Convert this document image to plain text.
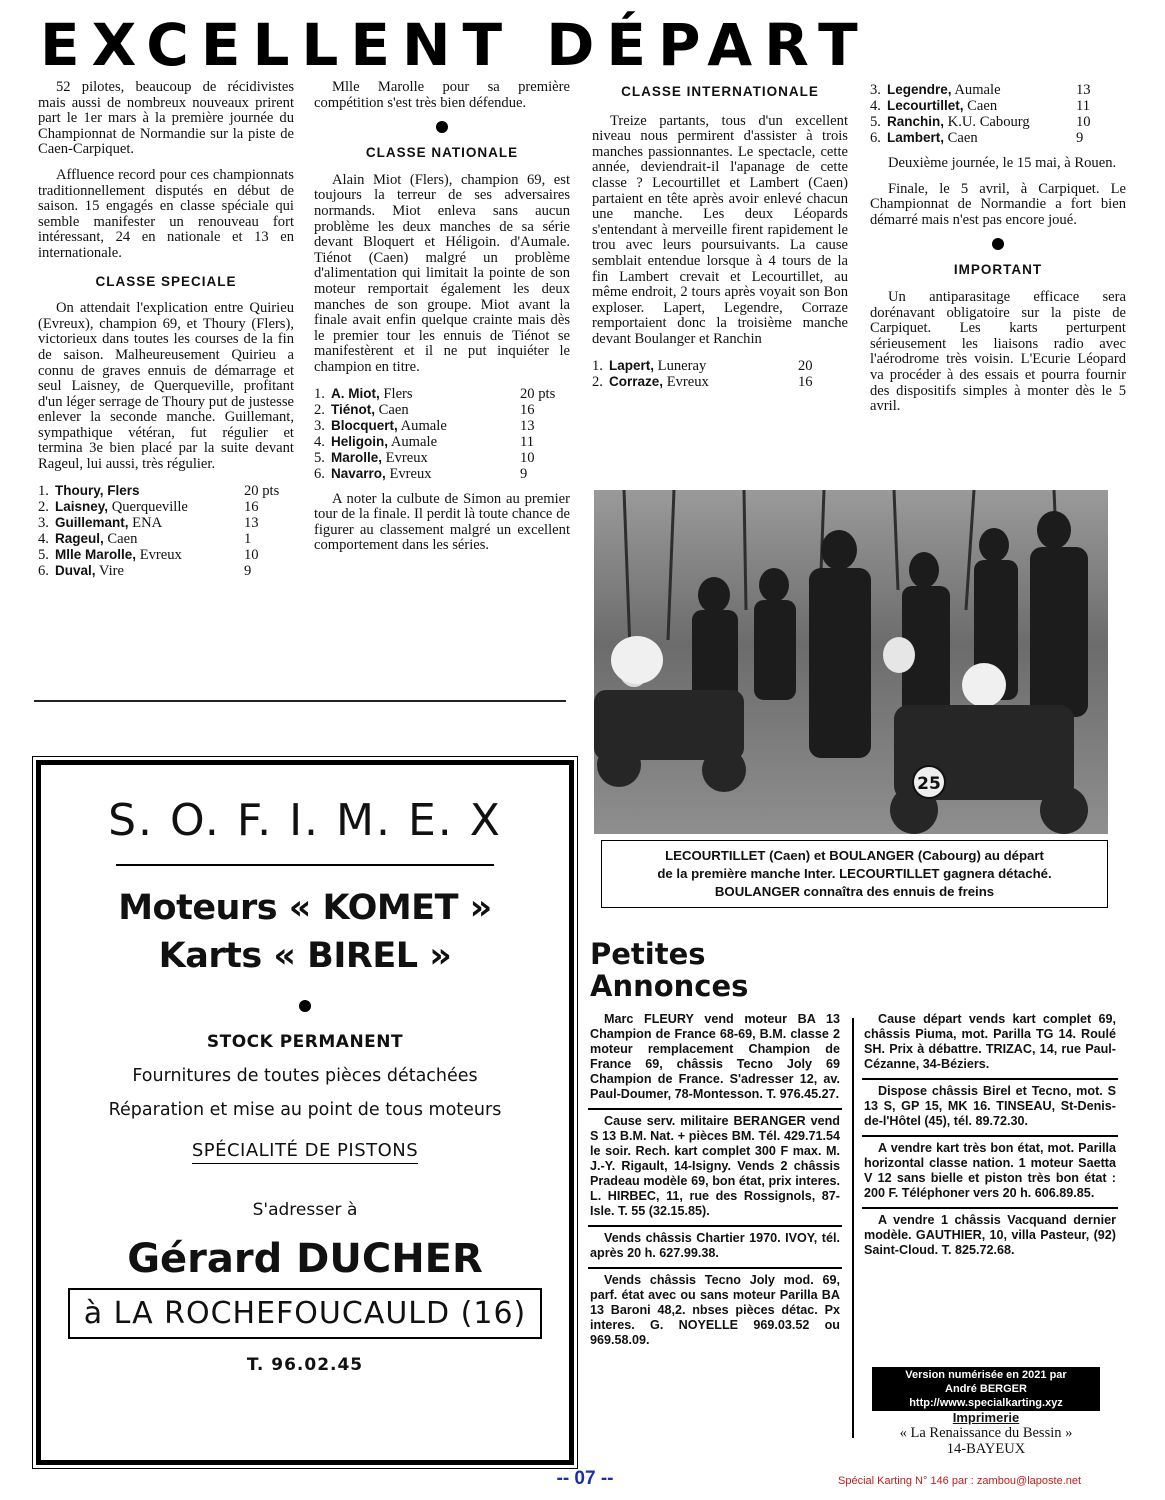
EXCELLENT DÉPART

52 pilotes, beaucoup de récidivistes mais aussi de nombreux nouveaux prirent part le 1er mars à la première journée du Championnat de Normandie sur la piste de Caen-Carpiquet.

Affluence record pour ces championnats traditionnellement disputés en début de saison. 15 engagés en classe spéciale qui semble manifester un renouveau fort intéressant, 24 en nationale et 13 en internationale.

CLASSE SPECIALE

On attendait l'explication entre Quirieu (Evreux), champion 69, et Thoury (Flers), victorieux dans toutes les courses de la fin de saison. Malheureusement Quirieu a connu de graves ennuis de démarrage et seul Laisney, de Querqueville, profitant d'un léger serrage de Thoury put de justesse enlever la seconde manche. Guillemant, sympathique vétéran, fut régulier et termina 3e bien placé par la suite devant Rageul, lui aussi, très régulier.

1. Thoury, Flers	20 pts
2. Laisney, Querqueville	16
3. Guillemant, ENA	13
4. Rageul, Caen	1
5. Mlle Marolle, Evreux	10
6. Duval, Vire	9

Mlle Marolle pour sa première compétition s'est très bien défendue.

CLASSE NATIONALE

Alain Miot (Flers), champion 69, est toujours la terreur de ses adversaires normands. Miot enleva sans aucun problème les deux manches de sa série devant Bloquert et Héligoin. d'Aumale. Tiénot (Caen) malgré un problème d'alimentation qui limitait la pointe de son moteur remportait également les deux manches de son groupe. Miot avant la finale avait enfin quelque crainte mais dès le premier tour les ennuis de Tiénot se manifestèrent et il ne put inquiéter le champion en titre.

1. A. Miot, Flers	20 pts
2. Tiénot, Caen	16
3. Blocquert, Aumale	13
4. Heligoin, Aumale	11
5. Marolle, Evreux	10
6. Navarro, Evreux	9

A noter la culbute de Simon au premier tour de la finale. Il perdit là toute chance de figurer au classement malgré un excellent comportement dans les séries.

CLASSE INTERNATIONALE

Treize partants, tous d'un excellent niveau nous permirent d'assister à trois manches passionnantes. Le spectacle, cette année, deviendrait-il l'apanage de cette classe ? Lecourtillet et Lambert (Caen) partaient en tête après avoir enlevé chacun une manche. Les deux Léopards s'entendant à merveille firent rapidement le trou avec leurs poursuivants. La cause semblait entendue lorsque à 4 tours de la fin Lambert crevait et Lecourtillet, au même endroit, 2 tours après voyait son Bon exploser. Lapert, Legendre, Corraze remportaient donc la troisième manche devant Boulanger et Ranchin

1. Lapert, Luneray	20
2. Corraze, Evreux	16
3. Legendre, Aumale	13
4. Lecourtillet, Caen	11
5. Ranchin, K.U. Cabourg	10
6. Lambert, Caen	9

Deuxième journée, le 15 mai, à Rouen.

Finale, le 5 avril, à Carpiquet. Le Championnat de Normandie a fort bien démarré mais n'est pas encore joué.

IMPORTANT

Un antiparasitage efficace sera dorénavant obligatoire sur la piste de Carpiquet. Les karts perturpent sérieusement les liaisons radio avec l'aérodrome très voisin. L'Ecurie Léopard va procéder à des essais et pourra fournir des dispositifs simples à monter dès le 5 avril.

S. O. F. I. M. E. X
Moteurs « KOMET »
Karts « BIREL »
STOCK PERMANENT
Fournitures de toutes pièces détachées
Réparation et mise au point de tous moteurs
SPÉCIALITÉ DE PISTONS
S'adresser à
Gérard DUCHER
à LA ROCHEFOUCAULD (16)
T. 96.02.45
25
LECOURTILLET (Caen) et BOULANGER (Cabourg) au départ
de la première manche Inter. LECOURTILLET gagnera détaché.
BOULANGER connaîtra des ennuis de freins
Petites
Annonces

Marc FLEURY vend moteur BA 13 Champion de France 68-69, B.M. classe 2 moteur remplacement Champion de France 69, châssis Tecno Joly 69 Champion de France. S'adresser 12, av. Paul-Doumer, 78-Montesson. T. 976.45.27.

Cause serv. militaire BERANGER vend S 13 B.M. Nat. + pièces BM. Tél. 429.71.54 le soir. Rech. kart complet 300 F max. M. J.-Y. Rigault, 14-Isigny. Vends 2 châssis Pradeau modèle 69, bon état, prix interes. L. HIRBEC, 11, rue des Rossignols, 87-Isle. T. 55 (32.15.85).

Vends châssis Chartier 1970. IVOY, tél. après 20 h. 627.99.38.

Vends châssis Tecno Joly mod. 69, parf. état avec ou sans moteur Parilla BA 13 Baroni 48,2. nbses pièces détac. Px interes. G. NOYELLE 969.03.52 ou 969.58.09.

Cause départ vends kart complet 69, châssis Piuma, mot. Parilla TG 14. Roulé SH. Prix à débattre. TRIZAC, 14, rue Paul-Cézanne, 34-Béziers.

Dispose châssis Birel et Tecno, mot. S 13 S, GP 15, MK 16. TINSEAU, St-Denis-de-l'Hôtel (45), tél. 89.72.30.

A vendre kart très bon état, mot. Parilla horizontal classe nation. 1 moteur Saetta V 12 sans bielle et piston très bon état : 200 F. Téléphoner vers 20 h. 606.89.85.

A vendre 1 châssis Vacquand dernier modèle. GAUTHIER, 10, villa Pasteur, (92) Saint-Cloud. T. 825.72.68.

Version numérisée en 2021 par
André BERGER
http://www.specialkarting.xyz
Imprimerie
« La Renaissance du Bessin »
14-BAYEUX
-- 07 --	Spécial Karting N° 146 par : zambou@laposte.net
